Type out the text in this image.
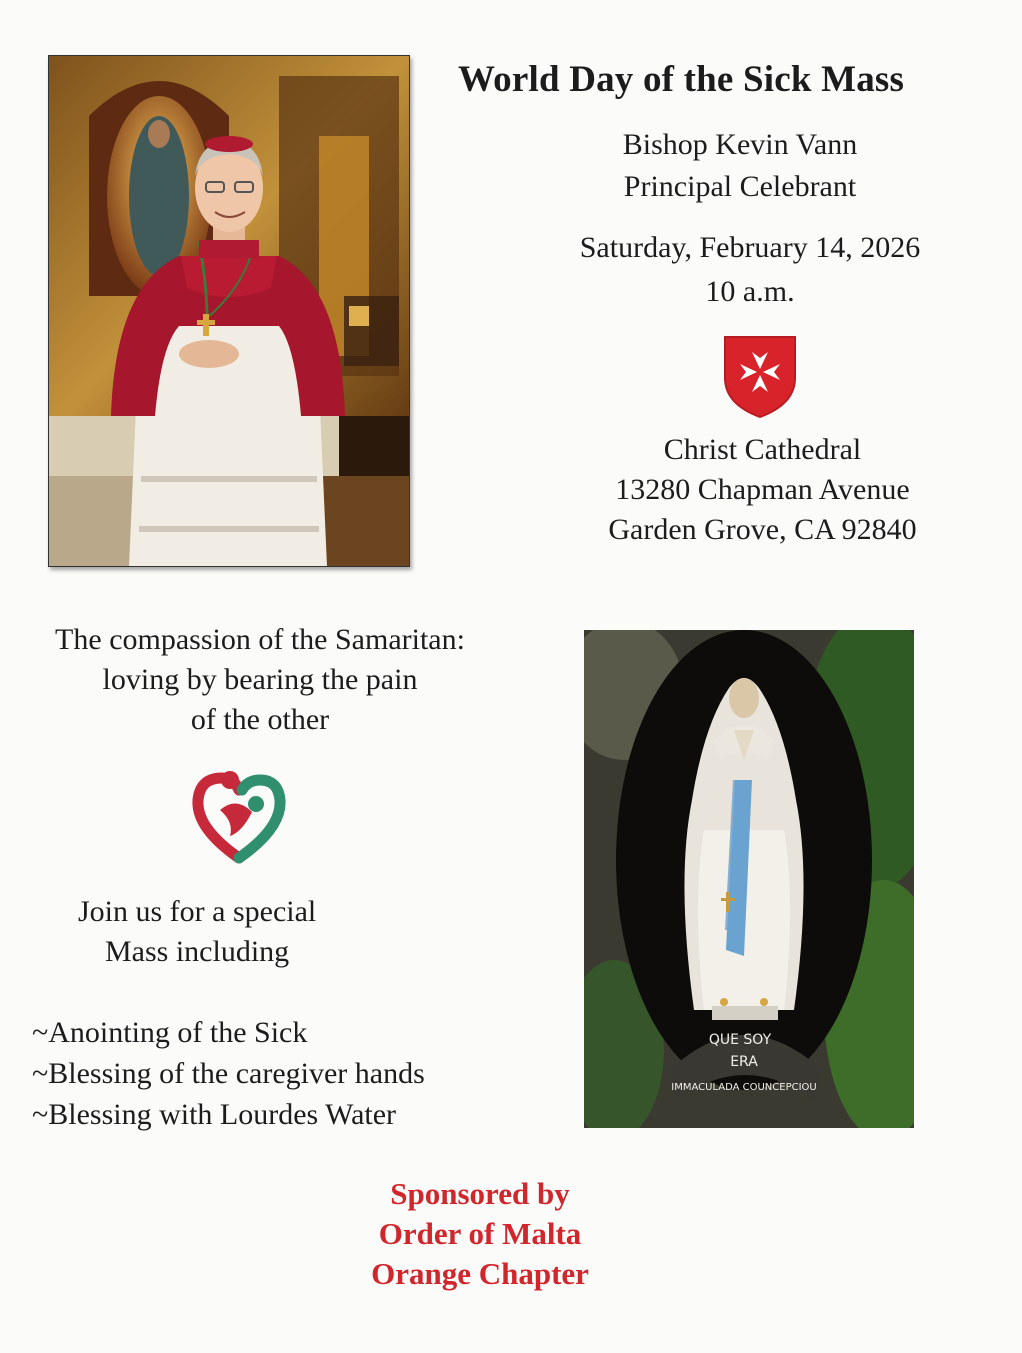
World Day of the Sick Mass
Bishop Kevin Vann
Principal Celebrant
Saturday, February 14, 2026
10 a.m.
Christ Cathedral
13280 Chapman Avenue
Garden Grove, CA 92840
The compassion of the Samaritan:
loving by bearing the pain
of the other
Join us for a special
Mass including
~Anointing of the Sick
~Blessing of the caregiver hands
~Blessing with Lourdes Water
QUE SOY
ERA
IMMACULADA COUNCEPCIOU
Sponsored by
Order of Malta
Orange Chapter
